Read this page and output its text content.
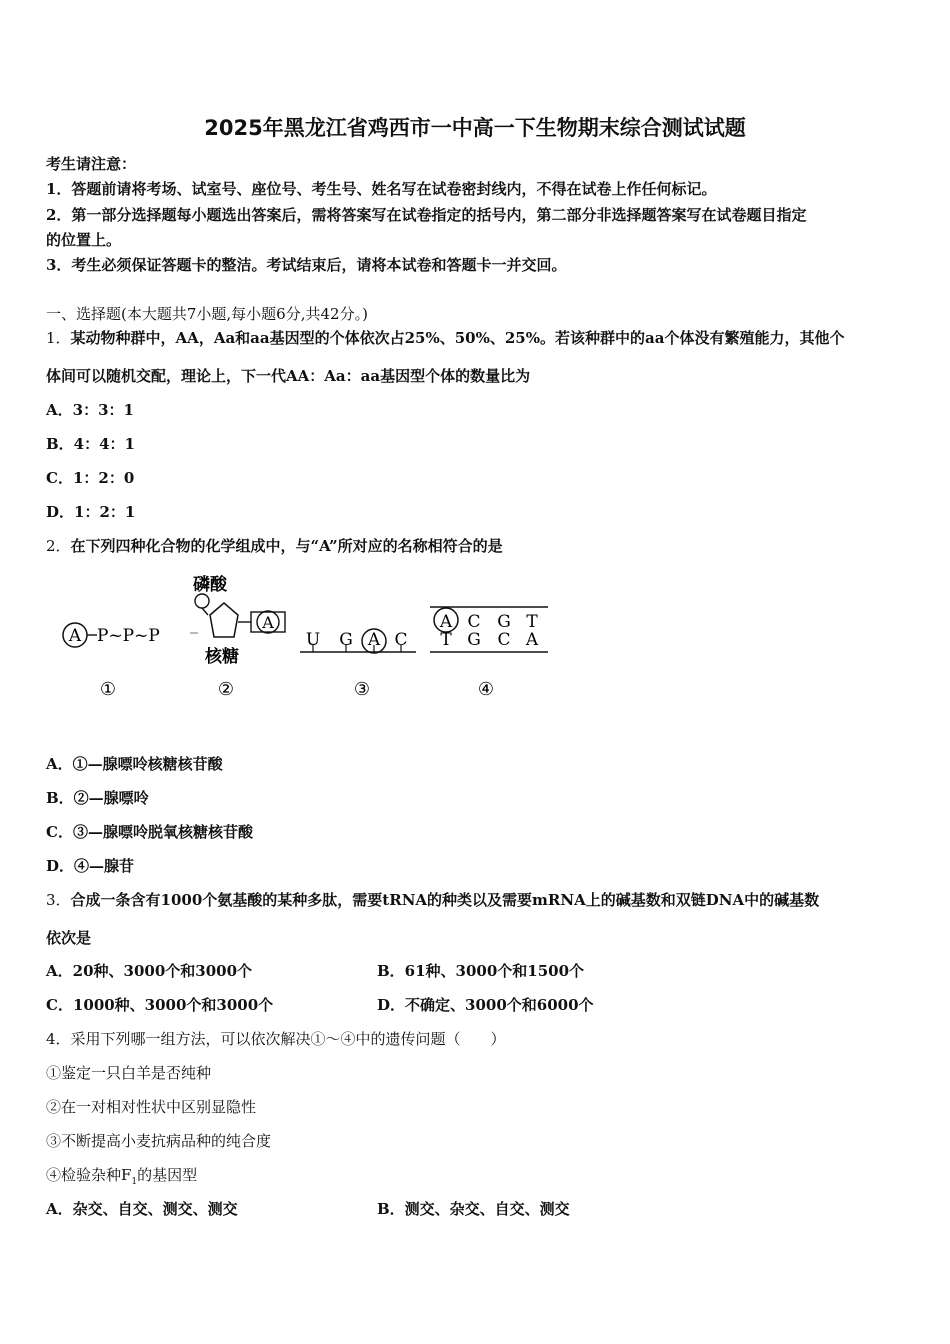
2025年黑龙江省鸡西市一中高一下生物期末综合测试试题
考生请注意：
1．答题前请将考场、试室号、座位号、考生号、姓名写在试卷密封线内，不得在试卷上作任何标记。
2．第一部分选择题每小题选出答案后，需将答案写在试卷指定的括号内，第二部分非选择题答案写在试卷题目指定
的位置上。
3．考生必须保证答题卡的整洁。考试结束后，请将本试卷和答题卡一并交回。
一、选择题(本大题共7小题,每小题6分,共42分。)
1．某动物种群中，AA，Aa和aa基因型的个体依次占25%、50%、25%。若该种群中的aa个体没有繁殖能力，其他个
体间可以随机交配，理论上，下一代AA：Aa：aa基因型个体的数量比为
A．3：3：1
B．4：4：1
C．1：2：0
D．1：2：1
2．在下列四种化合物的化学组成中，与“A”所对应的名称相符合的是
A P~P~P
①
磷酸
A
核糖
②
U G A C
③
A C G T
T G C A
④
A．①—腺嘌呤核糖核苷酸
B．②—腺嘌呤
C．③—腺嘌呤脱氧核糖核苷酸
D．④—腺苷
3．合成一条含有1000个氨基酸的某种多肽，需要tRNA的种类以及需要mRNA上的碱基数和双链DNA中的碱基数
依次是
A．20种、3000个和3000个	B．61种、3000个和1500个
C．1000种、3000个和3000个	D．不确定、3000个和6000个
4．采用下列哪一组方法，可以依次解决①～④中的遗传问题（　　）
①鉴定一只白羊是否纯种
②在一对相对性状中区别显隐性
③不断提高小麦抗病品种的纯合度
④检验杂种$F_1$的基因型
A．杂交、自交、测交、测交	B．测交、杂交、自交、测交
